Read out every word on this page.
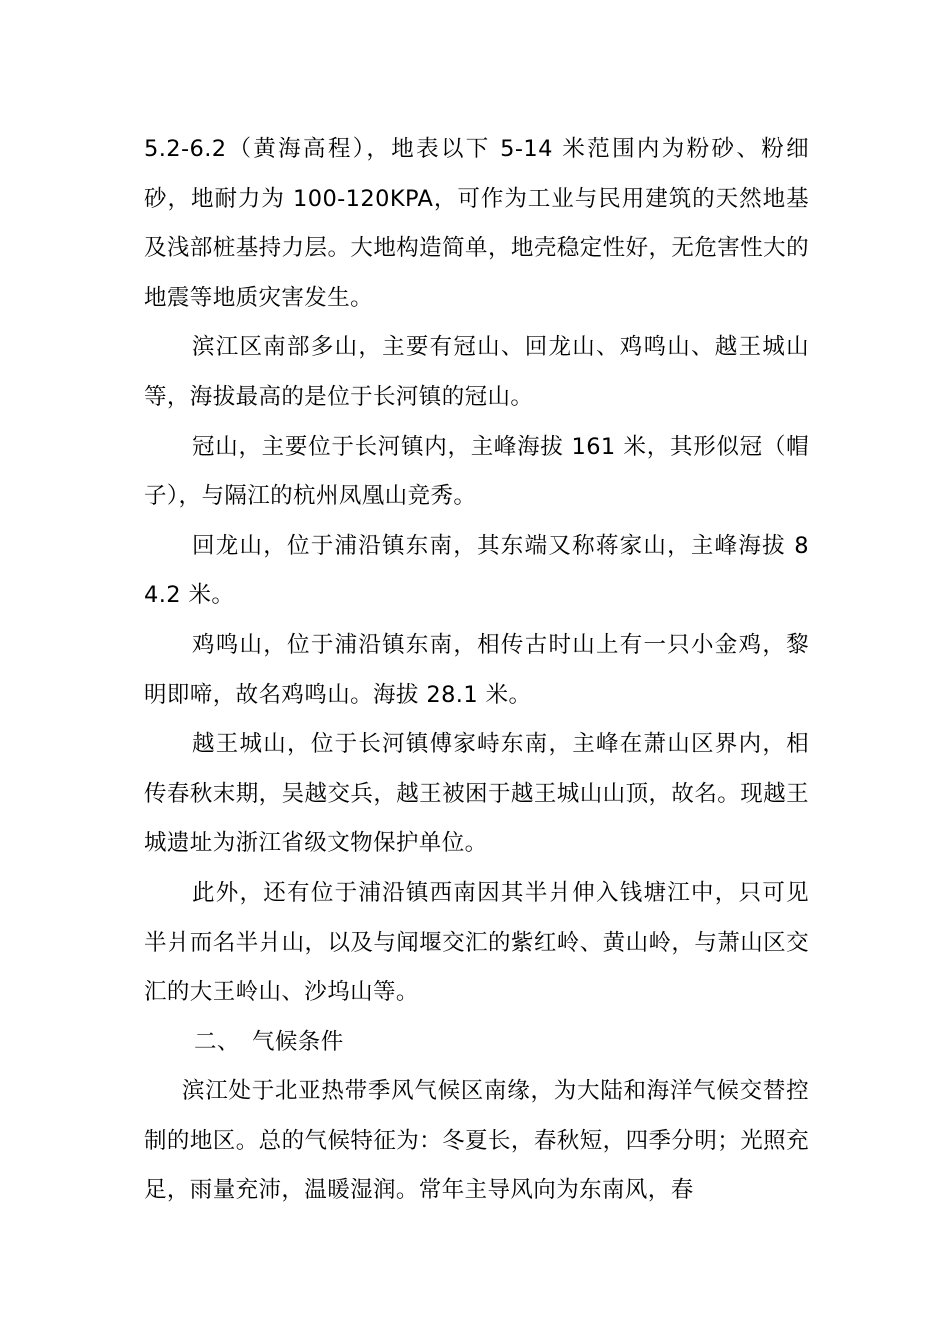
5.2-6.2（黄海高程），地表以下 5-14 米范围内为粉砂、粉细砂，地耐力为 100-120KPA，可作为工业与民用建筑的天然地基及浅部桩基持力层。大地构造简单，地壳稳定性好，无危害性大的地震等地质灾害发生。

滨江区南部多山，主要有冠山、回龙山、鸡鸣山、越王城山等，海拔最高的是位于长河镇的冠山。

冠山，主要位于长河镇内，主峰海拔 161 米，其形似冠（帽子），与隔江的杭州凤凰山竞秀。

回龙山，位于浦沿镇东南，其东端又称蒋家山，主峰海拔 84.2 米。

鸡鸣山，位于浦沿镇东南，相传古时山上有一只小金鸡，黎明即啼，故名鸡鸣山。海拔 28.1 米。

越王城山，位于长河镇傅家峙东南，主峰在萧山区界内，相传春秋末期，吴越交兵，越王被困于越王城山山顶，故名。现越王城遗址为浙江省级文物保护单位。

此外，还有位于浦沿镇西南因其半爿伸入钱塘江中，只可见半爿而名半爿山，以及与闻堰交汇的紫红岭、黄山岭，与萧山区交汇的大王岭山、沙坞山等。

二、 气候条件

滨江处于北亚热带季风气候区南缘，为大陆和海洋气候交替控制的地区。总的气候特征为：冬夏长，春秋短，四季分明；光照充足，雨量充沛，温暖湿润。常年主导风向为东南风，春
